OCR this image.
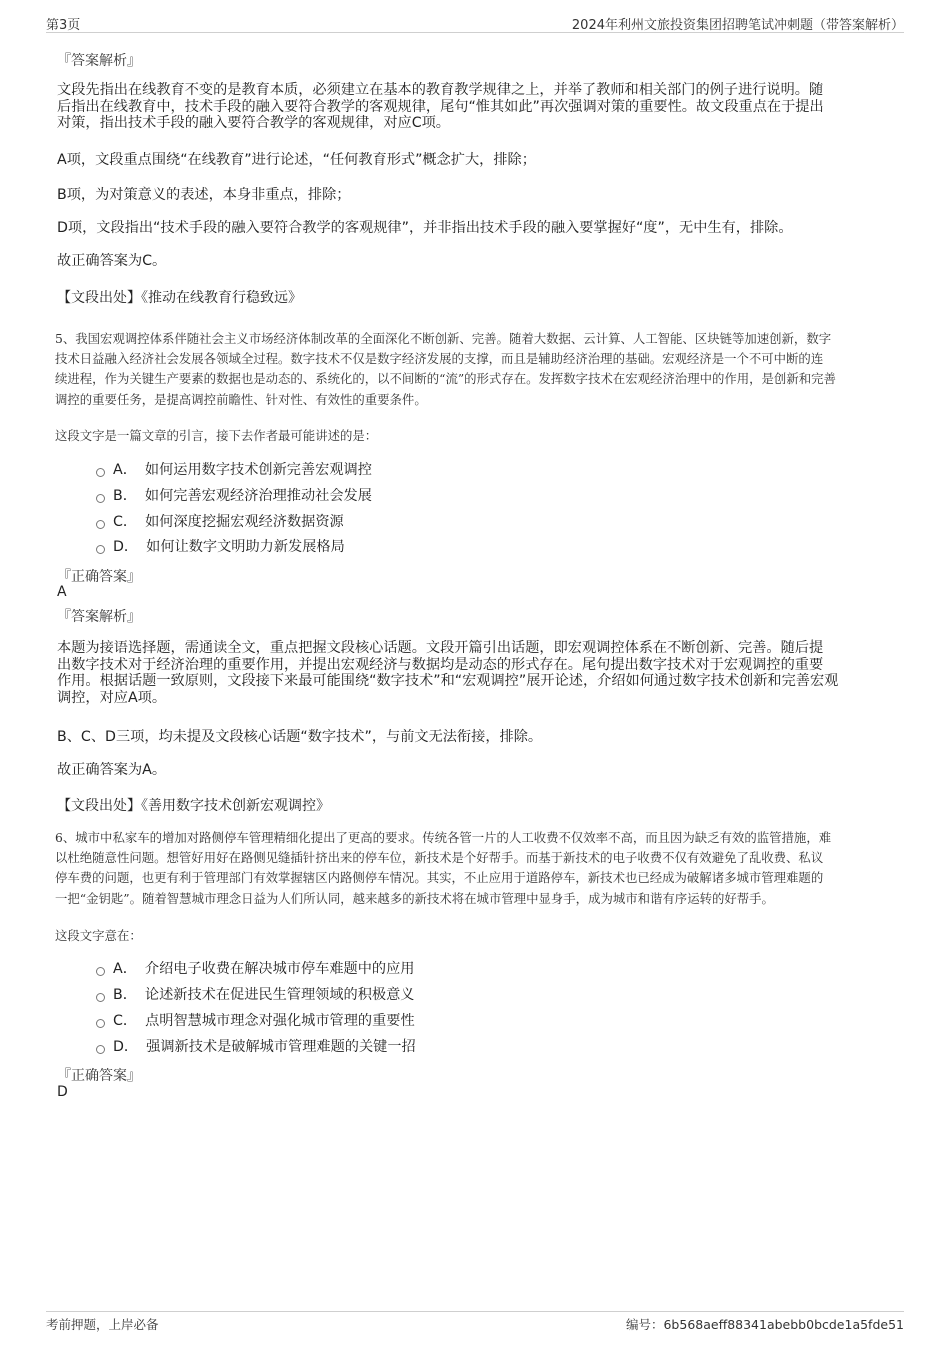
第3页	2024年利州文旅投资集团招聘笔试冲刺题（带答案解析）
『答案解析』
文段先指出在线教育不变的是教育本质，必须建立在基本的教育教学规律之上，并举了教师和相关部门的例子进行说明。随
后指出在线教育中，技术手段的融入要符合教学的客观规律，尾句“惟其如此”再次强调对策的重要性。故文段重点在于提出
对策，指出技术手段的融入要符合教学的客观规律，对应C项。
A项，文段重点围绕“在线教育”进行论述，“任何教育形式”概念扩大，排除；
B项，为对策意义的表述，本身非重点，排除；
D项，文段指出“技术手段的融入要符合教学的客观规律”，并非指出技术手段的融入要掌握好“度”，无中生有，排除。
故正确答案为C。
【文段出处】《推动在线教育行稳致远》
5、我国宏观调控体系伴随社会主义市场经济体制改革的全面深化不断创新、完善。随着大数据、云计算、人工智能、区块链等加速创新，数字
技术日益融入经济社会发展各领域全过程。数字技术不仅是数字经济发展的支撑，而且是辅助经济治理的基础。宏观经济是一个不可中断的连
续进程，作为关键生产要素的数据也是动态的、系统化的，以不间断的“流”的形式存在。发挥数字技术在宏观经济治理中的作用，是创新和完善
调控的重要任务，是提高调控前瞻性、针对性、有效性的重要条件。
这段文字是一篇文章的引言，接下去作者最可能讲述的是：
A． 如何运用数字技术创新完善宏观调控
B． 如何完善宏观经济治理推动社会发展
C． 如何深度挖掘宏观经济数据资源
D． 如何让数字文明助力新发展格局
『正确答案』
A
『答案解析』
本题为接语选择题，需通读全文，重点把握文段核心话题。文段开篇引出话题，即宏观调控体系在不断创新、完善。随后提
出数字技术对于经济治理的重要作用，并提出宏观经济与数据均是动态的形式存在。尾句提出数字技术对于宏观调控的重要
作用。根据话题一致原则，文段接下来最可能围绕“数字技术”和“宏观调控”展开论述，介绍如何通过数字技术创新和完善宏观
调控，对应A项。
B、C、D三项，均未提及文段核心话题“数字技术”，与前文无法衔接，排除。
故正确答案为A。
【文段出处】《善用数字技术创新宏观调控》
6、城市中私家车的增加对路侧停车管理精细化提出了更高的要求。传统各管一片的人工收费不仅效率不高，而且因为缺乏有效的监管措施，难
以杜绝随意性问题。想管好用好在路侧见缝插针挤出来的停车位，新技术是个好帮手。而基于新技术的电子收费不仅有效避免了乱收费、私议
停车费的问题，也更有利于管理部门有效掌握辖区内路侧停车情况。其实，不止应用于道路停车，新技术也已经成为破解诸多城市管理难题的
一把“金钥匙”。随着智慧城市理念日益为人们所认同，越来越多的新技术将在城市管理中显身手，成为城市和谐有序运转的好帮手。
这段文字意在：
A． 介绍电子收费在解决城市停车难题中的应用
B． 论述新技术在促进民生管理领域的积极意义
C． 点明智慧城市理念对强化城市管理的重要性
D． 强调新技术是破解城市管理难题的关键一招
『正确答案』
D
考前押题，上岸必备	编号：6b568aeff88341abebb0bcde1a5fde51
